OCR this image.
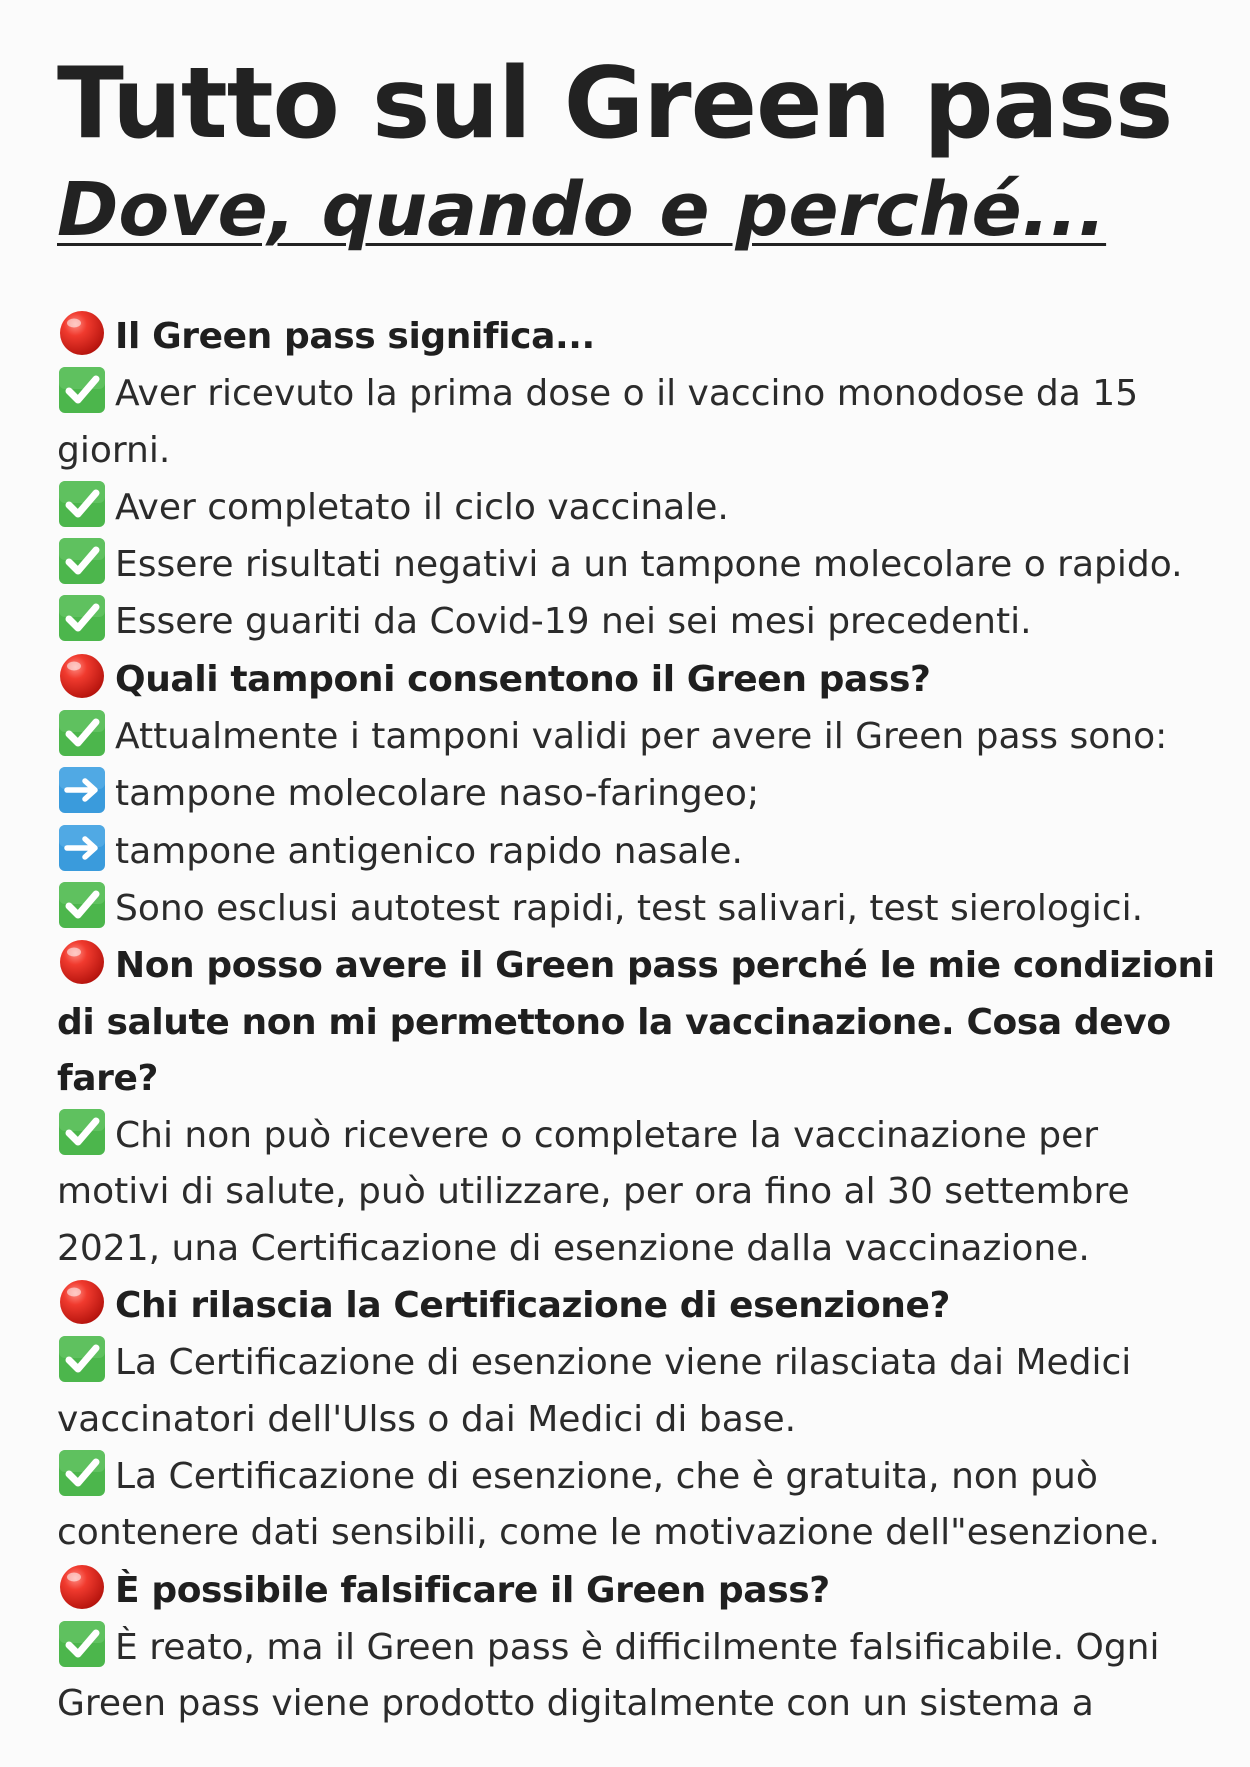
Tutto sul Green pass
Dove, quando e perché...

Il Green pass significa...

Aver ricevuto la prima dose o il vaccino monodose da 15 giorni.

Aver completato il ciclo vaccinale.

Essere risultati negativi a un tampone molecolare o rapido.

Essere guariti da Covid-19 nei sei mesi precedenti.

Quali tamponi consentono il Green pass?

Attualmente i tamponi validi per avere il Green pass sono:

tampone molecolare naso-faringeo;

tampone antigenico rapido nasale.

Sono esclusi autotest rapidi, test salivari, test sierologici.

Non posso avere il Green pass perché le mie condizioni di salute non mi permettono la vaccinazione. Cosa devo fare?

Chi non può ricevere o completare la vaccinazione per motivi di salute, può utilizzare, per ora fino al 30 settembre 2021, una Certificazione di esenzione dalla vaccinazione.

Chi rilascia la Certificazione di esenzione?

La Certificazione di esenzione viene rilasciata dai Medici vaccinatori dell'Ulss o dai Medici di base.

La Certificazione di esenzione, che è gratuita, non può contenere dati sensibili, come le motivazione dell"esenzione.

È possibile falsificare il Green pass?

È reato, ma il Green pass è difficilmente falsificabile. Ogni Green pass viene prodotto digitalmente con un sistema a
